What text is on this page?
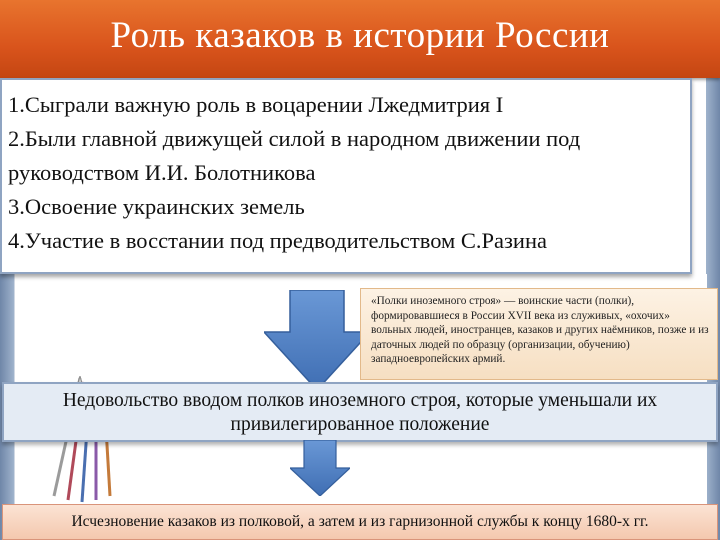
Роль казаков в истории России
1.Сыграли важную роль в воцарении Лжедмитрия I
2.Были главной движущей силой в народном движении под руководством И.И. Болотникова
3.Освоение украинских земель
4.Участие в восстании под предводительством С.Разина
«Полки иноземного строя» — воинские части (полки), формировавшиеся в России XVII века из служивых, «охочих» вольных людей, иностранцев, казаков и других наёмников, позже и из даточных людей по образцу (организации, обучению) западноевропейских армий.
Недовольство вводом полков иноземного строя, которые уменьшали их привилегированное положение
Исчезновение казаков из полковой, а затем и из гарнизонной службы к концу 1680-х гг.
